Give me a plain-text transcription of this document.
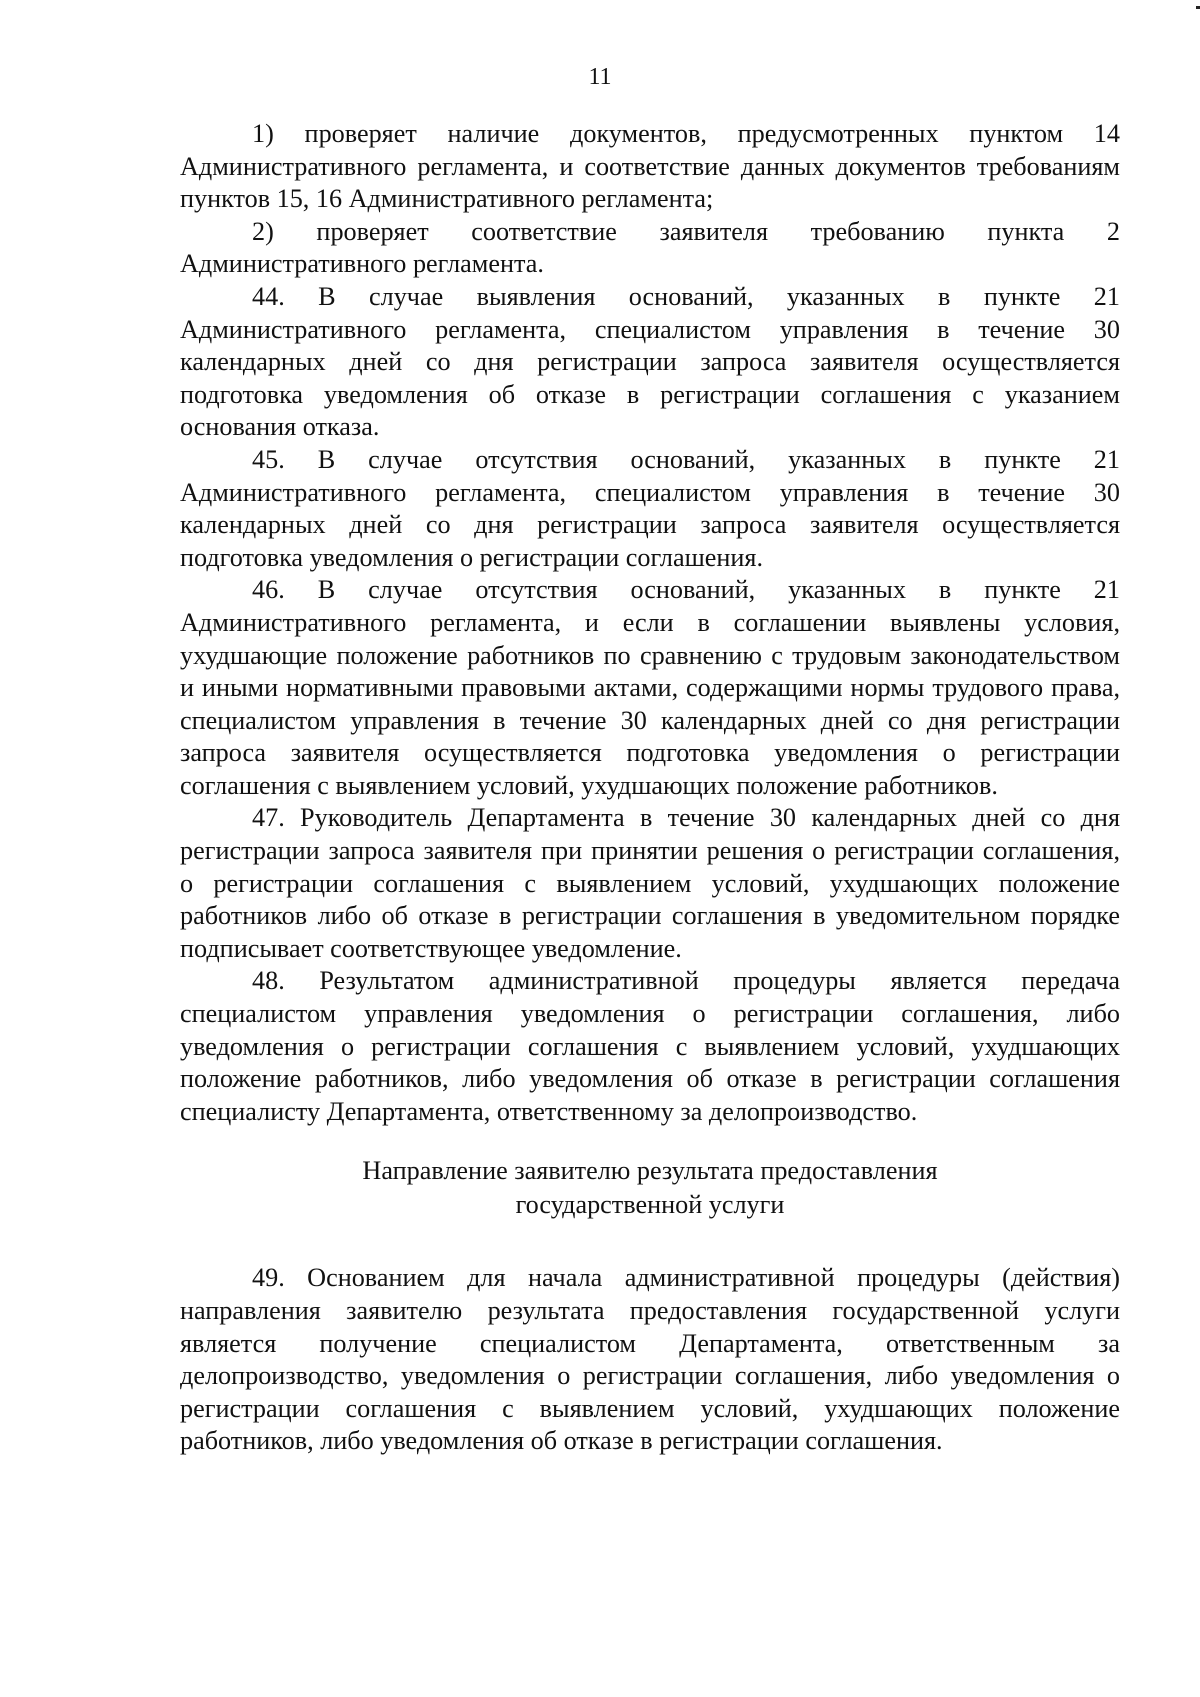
11

1) проверяет наличие документов, предусмотренных пунктом 14 Административного регламента, и соответствие данных документов требованиям пунктов 15, 16 Административного регламента;

2) проверяет соответствие заявителя требованию пункта 2 Административного регламента.

44. В случае выявления оснований, указанных в пункте 21 Административного регламента, специалистом управления в течение 30 календарных дней со дня регистрации запроса заявителя осуществляется подготовка уведомления об отказе в регистрации соглашения с указанием основания отказа.

45. В случае отсутствия оснований, указанных в пункте 21 Административного регламента, специалистом управления в течение 30 календарных дней со дня регистрации запроса заявителя осуществляется подготовка уведомления о регистрации соглашения.

46. В случае отсутствия оснований, указанных в пункте 21 Административного регламента, и если в соглашении выявлены условия, ухудшающие положение работников по сравнению с трудовым законодательством и иными нормативными правовыми актами, содержащими нормы трудового права, специалистом управления в течение 30 календарных дней со дня регистрации запроса заявителя осуществляется подготовка уведомления о регистрации соглашения с выявлением условий, ухудшающих положение работников.

47. Руководитель Департамента в течение 30 календарных дней со дня регистрации запроса заявителя при принятии решения о регистрации соглашения, о регистрации соглашения с выявлением условий, ухудшающих положение работников либо об отказе в регистрации соглашения в уведомительном порядке подписывает соответствующее уведомление.

48. Результатом административной процедуры является передача специалистом управления уведомления о регистрации соглашения, либо уведомления о регистрации соглашения с выявлением условий, ухудшающих положение работников, либо уведомления об отказе в регистрации соглашения специалисту Департамента, ответственному за делопроизводство.

Направление заявителю результата предоставления
государственной услуги

49. Основанием для начала административной процедуры (действия) направления заявителю результата предоставления государственной услуги является получение специалистом Департамента, ответственным за делопроизводство, уведомления о регистрации соглашения, либо уведомления о регистрации соглашения с выявлением условий, ухудшающих положение работников, либо уведомления об отказе в регистрации соглашения.
